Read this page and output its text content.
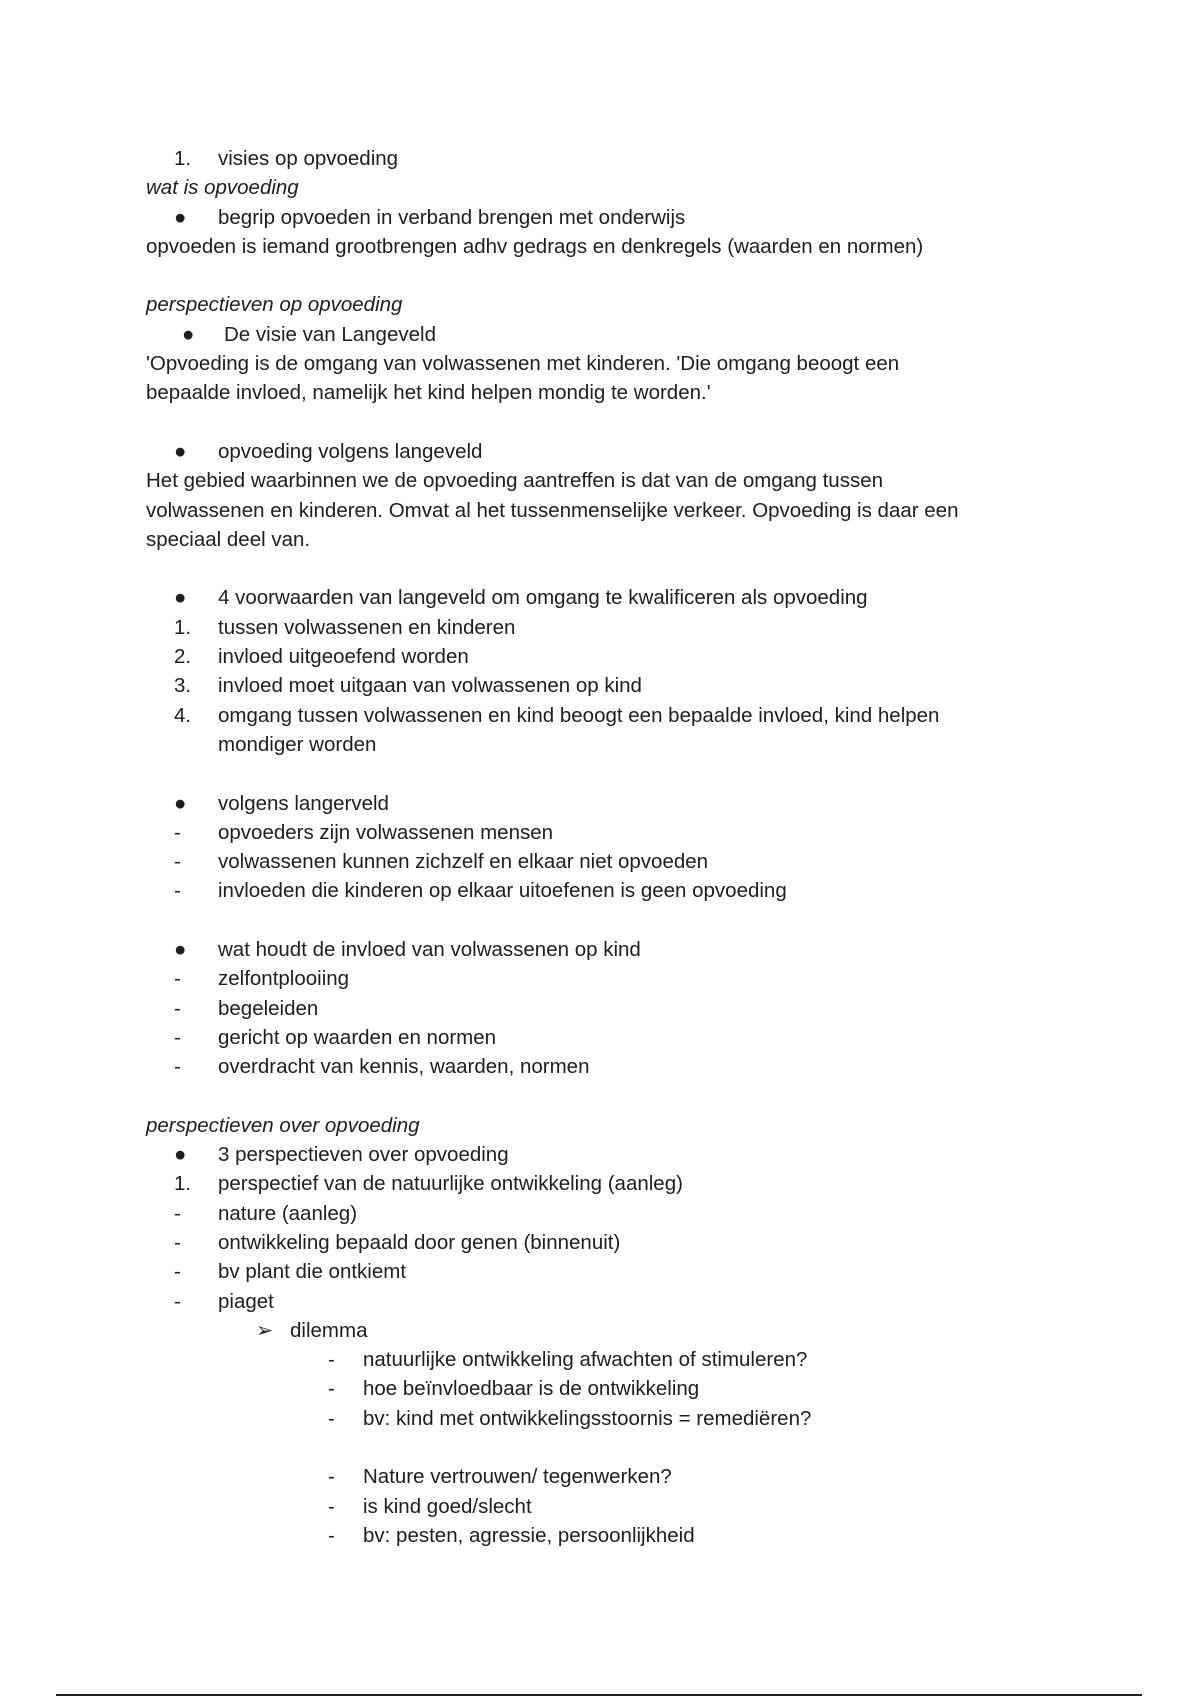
1. visies op opvoeding
wat is opvoeding
● begrip opvoeden in verband brengen met onderwijs
opvoeden is iemand grootbrengen adhv gedrags en denkregels (waarden en normen)
perspectieven op opvoeding
● De visie van Langeveld
'Opvoeding is de omgang van volwassenen met kinderen. 'Die omgang beoogt een
bepaalde invloed, namelijk het kind helpen mondig te worden.'
● opvoeding volgens langeveld
Het gebied waarbinnen we de opvoeding aantreffen is dat van de omgang tussen
volwassenen en kinderen. Omvat al het tussenmenselijke verkeer. Opvoeding is daar een
speciaal deel van.
● 4 voorwaarden van langeveld om omgang te kwalificeren als opvoeding
1. tussen volwassenen en kinderen
2. invloed uitgeoefend worden
3. invloed moet uitgaan van volwassenen op kind
4. omgang tussen volwassenen en kind beoogt een bepaalde invloed, kind helpen
mondiger worden
● volgens langerveld
- opvoeders zijn volwassenen mensen
- volwassenen kunnen zichzelf en elkaar niet opvoeden
- invloeden die kinderen op elkaar uitoefenen is geen opvoeding
● wat houdt de invloed van volwassenen op kind
- zelfontplooiing
- begeleiden
- gericht op waarden en normen
- overdracht van kennis, waarden, normen
perspectieven over opvoeding
● 3 perspectieven over opvoeding
1. perspectief van de natuurlijke ontwikkeling (aanleg)
- nature (aanleg)
- ontwikkeling bepaald door genen (binnenuit)
- bv plant die ontkiemt
- piaget
➢ dilemma
- natuurlijke ontwikkeling afwachten of stimuleren?
- hoe beïnvloedbaar is de ontwikkeling
- bv: kind met ontwikkelingsstoornis = remediëren?
- Nature vertrouwen/ tegenwerken?
- is kind goed/slecht
- bv: pesten, agressie, persoonlijkheid
